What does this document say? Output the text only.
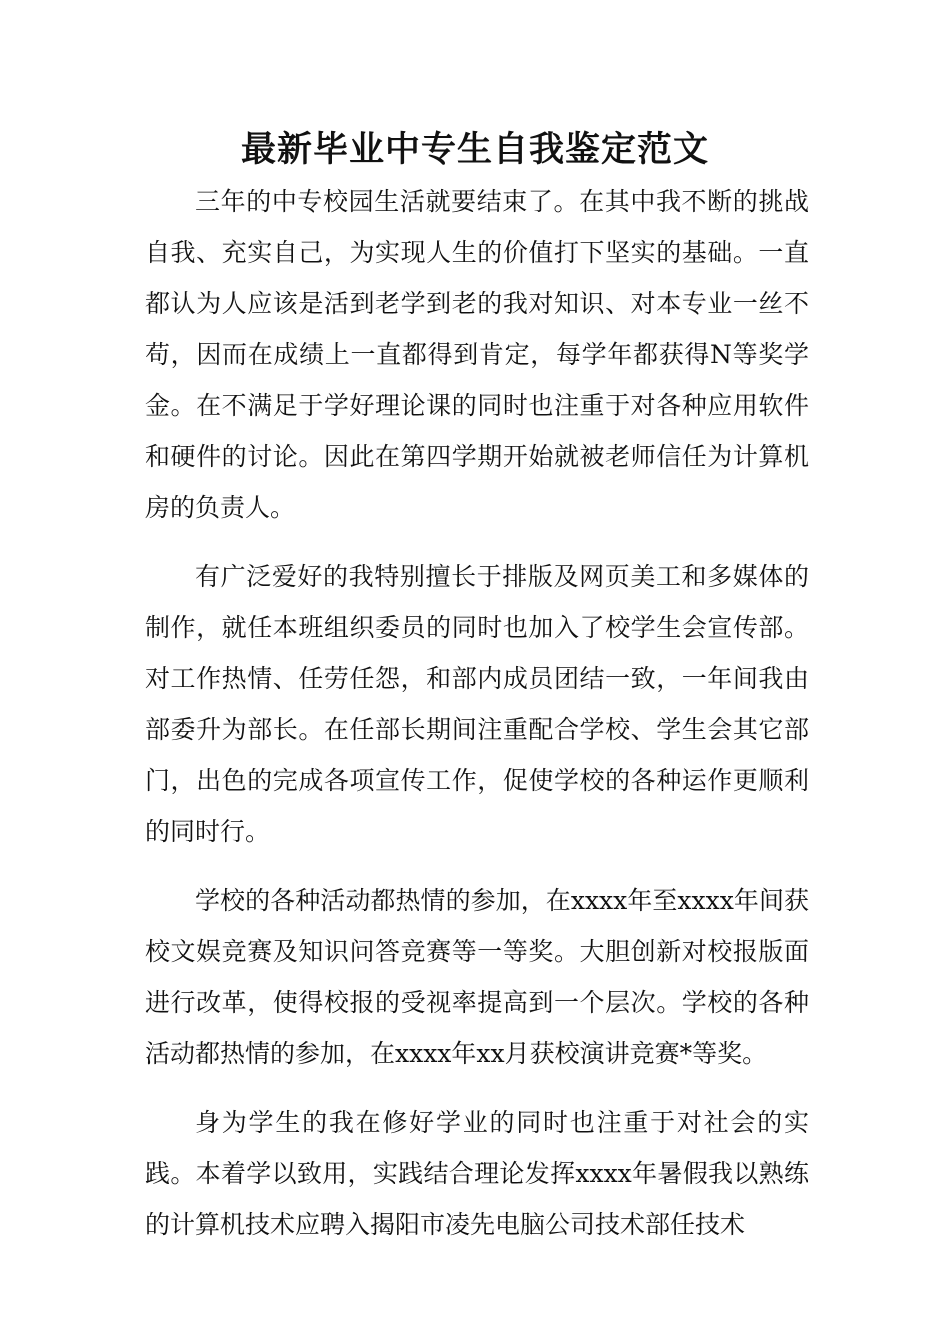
最新毕业中专生自我鉴定范文

三年的中专校园生活就要结束了。在其中我不断的挑战自我、充实自己，为实现人生的价值打下坚实的基础。一直都认为人应该是活到老学到老的我对知识、对本专业一丝不苟，因而在成绩上一直都得到肯定，每学年都获得N等奖学金。在不满足于学好理论课的同时也注重于对各种应用软件和硬件的讨论。因此在第四学期开始就被老师信任为计算机房的负责人。

有广泛爱好的我特别擅长于排版及网页美工和多媒体的制作，就任本班组织委员的同时也加入了校学生会宣传部。对工作热情、任劳任怨，和部内成员团结一致，一年间我由部委升为部长。在任部长期间注重配合学校、学生会其它部门，出色的完成各项宣传工作，促使学校的各种运作更顺利的同时行。

学校的各种活动都热情的参加，在xxxx年至xxxx年间获校文娱竞赛及知识问答竞赛等一等奖。大胆创新对校报版面进行改革，使得校报的受视率提高到一个层次。学校的各种活动都热情的参加，在xxxx年xx月获校演讲竞赛*等奖。

身为学生的我在修好学业的同时也注重于对社会的实践。本着学以致用，实践结合理论发挥xxxx年暑假我以熟练的计算机技术应聘入揭阳市凌先电脑公司技术部任技术
